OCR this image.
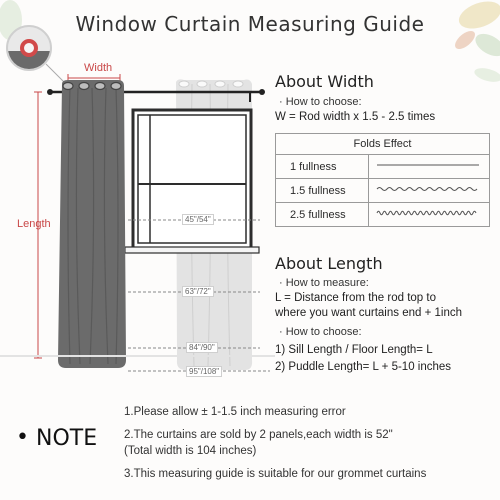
Window Curtain Measuring Guide
Width
Length	45"/54"
63"/72"
84"/90"
95"/108"
About Width
· How to choose:
W = Rod width x 1.5 - 2.5 times
Folds Effect	
1 fullness	
1.5 fullness	
2.5 fullness	
About Length
· How to measure:
L = Distance from the rod top to
where you want curtains end + 1inch
· How to choose:
1) Sill Length / Floor Length= L
2) Puddle Length= L + 5-10 inches
• NOTE
1.Please allow ± 1-1.5 inch measuring error
2.The curtains are sold by 2 panels,each width is 52"
(Total width is 104 inches)
3.This measuring guide is suitable for our grommet curtains
